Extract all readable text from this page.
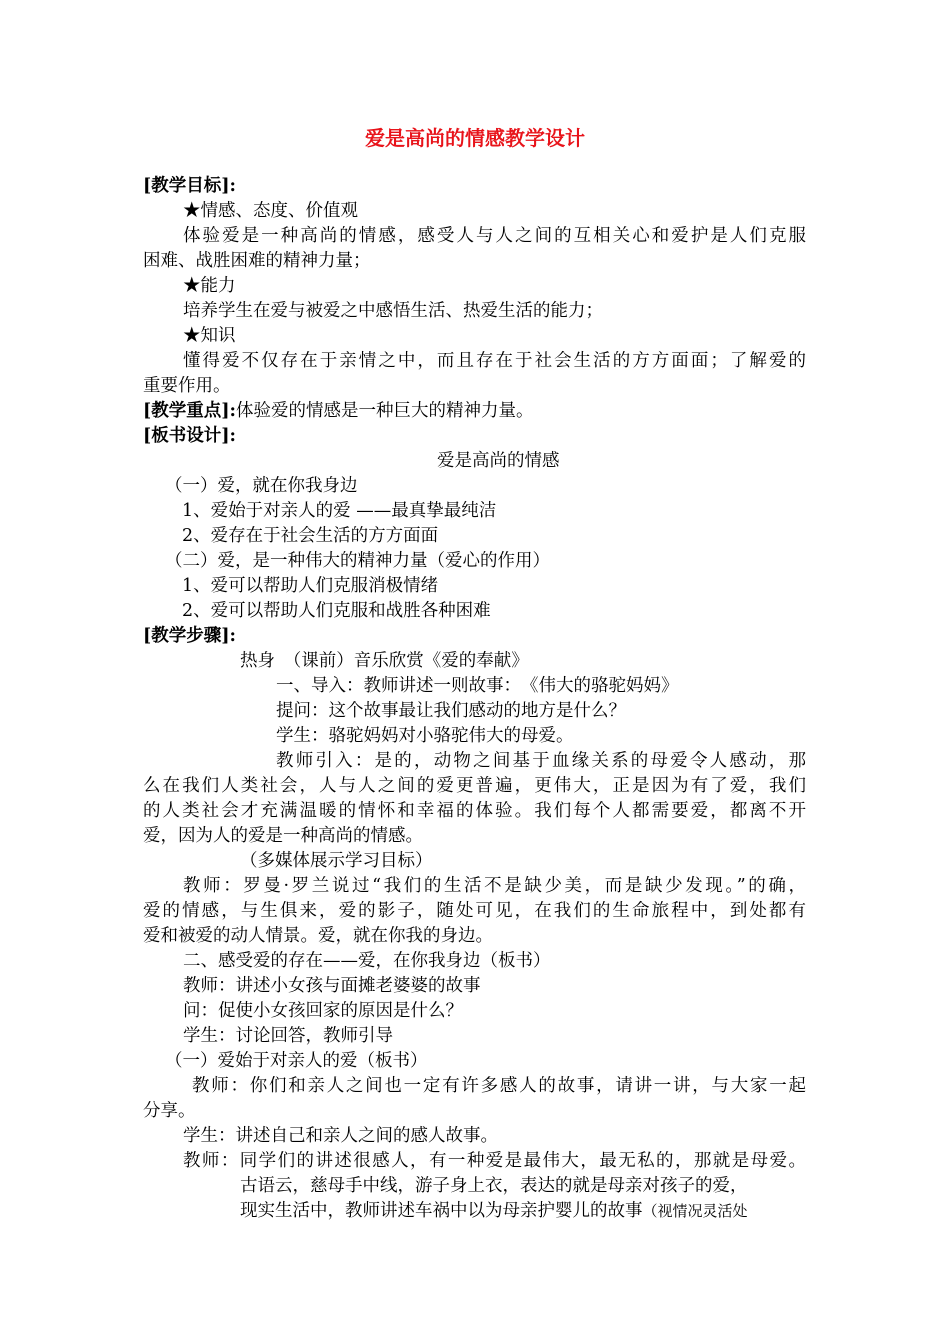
爱是高尚的情感教学设计
[教学目标]:
★情感、态度、价值观
体验爱是一种高尚的情感，感受人与人之间的互相关心和爱护是人们克服
困难、战胜困难的精神力量；
★能力
培养学生在爱与被爱之中感悟生活、热爱生活的能力；
★知识
懂得爱不仅存在于亲情之中，而且存在于社会生活的方方面面；了解爱的
重要作用。
[教学重点]:体验爱的情感是一种巨大的精神力量。
[板书设计]:
爱是高尚的情感
（一）爱，就在你我身边
1、爱始于对亲人的爱 ——最真挚最纯洁
2、爱存在于社会生活的方方面面
（二）爱，是一种伟大的精神力量（爱心的作用）
1、爱可以帮助人们克服消极情绪
2、爱可以帮助人们克服和战胜各种困难
[教学步骤]:
热身　（课前）音乐欣赏《爱的奉献》
一、导入：教师讲述一则故事：　《伟大的骆驼妈妈》
提问：这个故事最让我们感动的地方是什么？
学生：骆驼妈妈对小骆驼伟大的母爱。
教师引入：是的，动物之间基于血缘关系的母爱令人感动，那
么在我们人类社会，人与人之间的爱更普遍，更伟大，正是因为有了爱，我们
的人类社会才充满温暖的情怀和幸福的体验。我们每个人都需要爱，都离不开
爱，因为人的爱是一种高尚的情感。
（多媒体展示学习目标）
教师：罗曼·罗兰说过“我们的生活不是缺少美，而是缺少发现。”的确，
爱的情感，与生俱来，爱的影子，随处可见，在我们的生命旅程中，到处都有
爱和被爱的动人情景。爱，就在你我的身边。
二、感受爱的存在——爱，在你我身边（板书）
教师：讲述小女孩与面摊老婆婆的故事
问：促使小女孩回家的原因是什么？
学生：讨论回答，教师引导
（一）爱始于对亲人的爱（板书）
教师：你们和亲人之间也一定有许多感人的故事，请讲一讲，与大家一起
分享。
学生：讲述自己和亲人之间的感人故事。
教师：同学们的讲述很感人，有一种爱是最伟大，最无私的，那就是母爱。
古语云，慈母手中线，游子身上衣，表达的就是母亲对孩子的爱，
现实生活中，教师讲述车祸中以为母亲护婴儿的故事（视情况灵活处
